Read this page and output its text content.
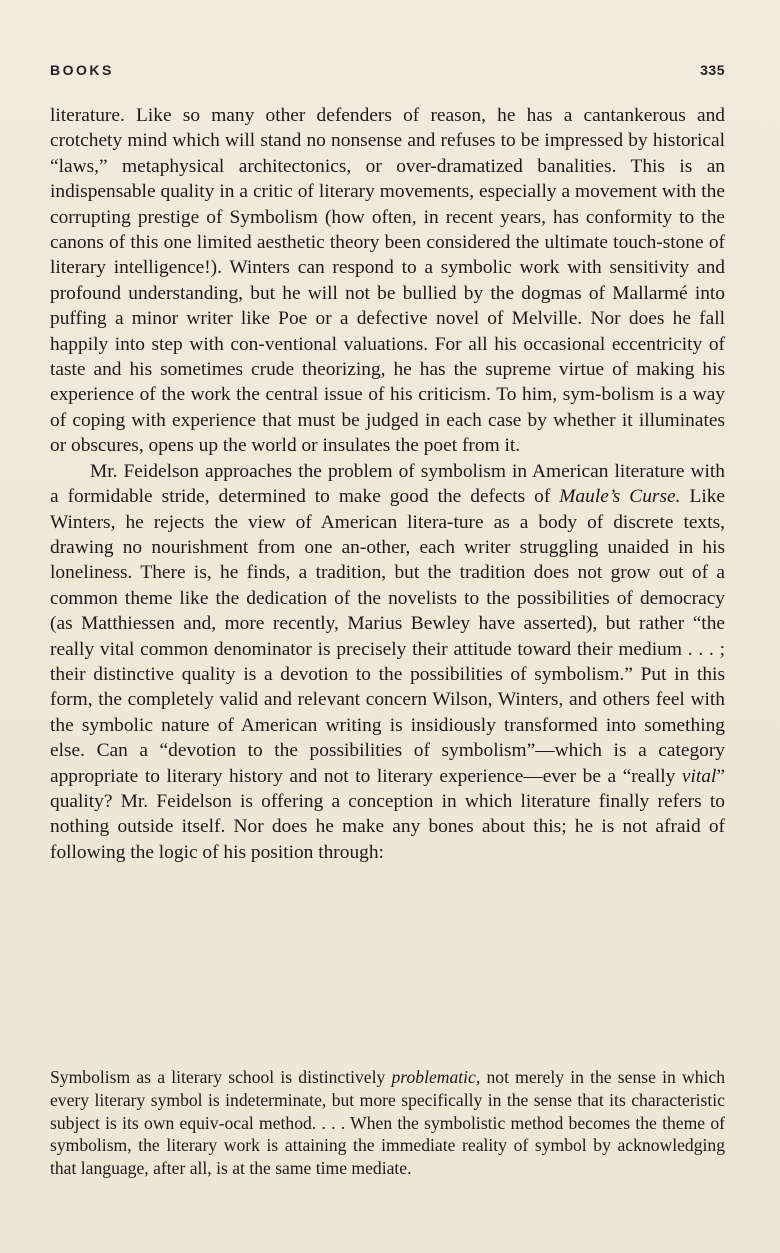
BOOKS	335

literature. Like so many other defenders of reason, he has a cantankerous and crotchety mind which will stand no nonsense and refuses to be impressed by historical “laws,” metaphysical architectonics, or over-dramatized banalities. This is an indispensable quality in a critic of literary movements, especially a movement with the corrupting prestige of Symbolism (how often, in recent years, has conformity to the canons of this one limited aesthetic theory been considered the ultimate touch-stone of literary intelligence!). Winters can respond to a symbolic work with sensitivity and profound understanding, but he will not be bullied by the dogmas of Mallarmé into puffing a minor writer like Poe or a defective novel of Melville. Nor does he fall happily into step with con-ventional valuations. For all his occasional eccentricity of taste and his sometimes crude theorizing, he has the supreme virtue of making his experience of the work the central issue of his criticism. To him, sym-bolism is a way of coping with experience that must be judged in each case by whether it illuminates or obscures, opens up the world or insulates the poet from it.

Mr. Feidelson approaches the problem of symbolism in American literature with a formidable stride, determined to make good the defects of Maule’s Curse. Like Winters, he rejects the view of American litera-ture as a body of discrete texts, drawing no nourishment from one an-other, each writer struggling unaided in his loneliness. There is, he finds, a tradition, but the tradition does not grow out of a common theme like the dedication of the novelists to the possibilities of democracy (as Matthiessen and, more recently, Marius Bewley have asserted), but rather “the really vital common denominator is precisely their attitude toward their medium . . . ; their distinctive quality is a devotion to the possibilities of symbolism.” Put in this form, the completely valid and relevant concern Wilson, Winters, and others feel with the symbolic nature of American writing is insidiously transformed into something else. Can a “devotion to the possibilities of symbolism”—which is a category appropriate to literary history and not to literary experience—ever be a “really vital” quality? Mr. Feidelson is offering a conception in which literature finally refers to nothing outside itself. Nor does he make any bones about this; he is not afraid of following the logic of his position through:

Symbolism as a literary school is distinctively problematic, not merely in the sense in which every literary symbol is indeterminate, but more specifically in the sense that its characteristic subject is its own equiv-ocal method. . . . When the symbolistic method becomes the theme of symbolism, the literary work is attaining the immediate reality of symbol by acknowledging that language, after all, is at the same time mediate.
